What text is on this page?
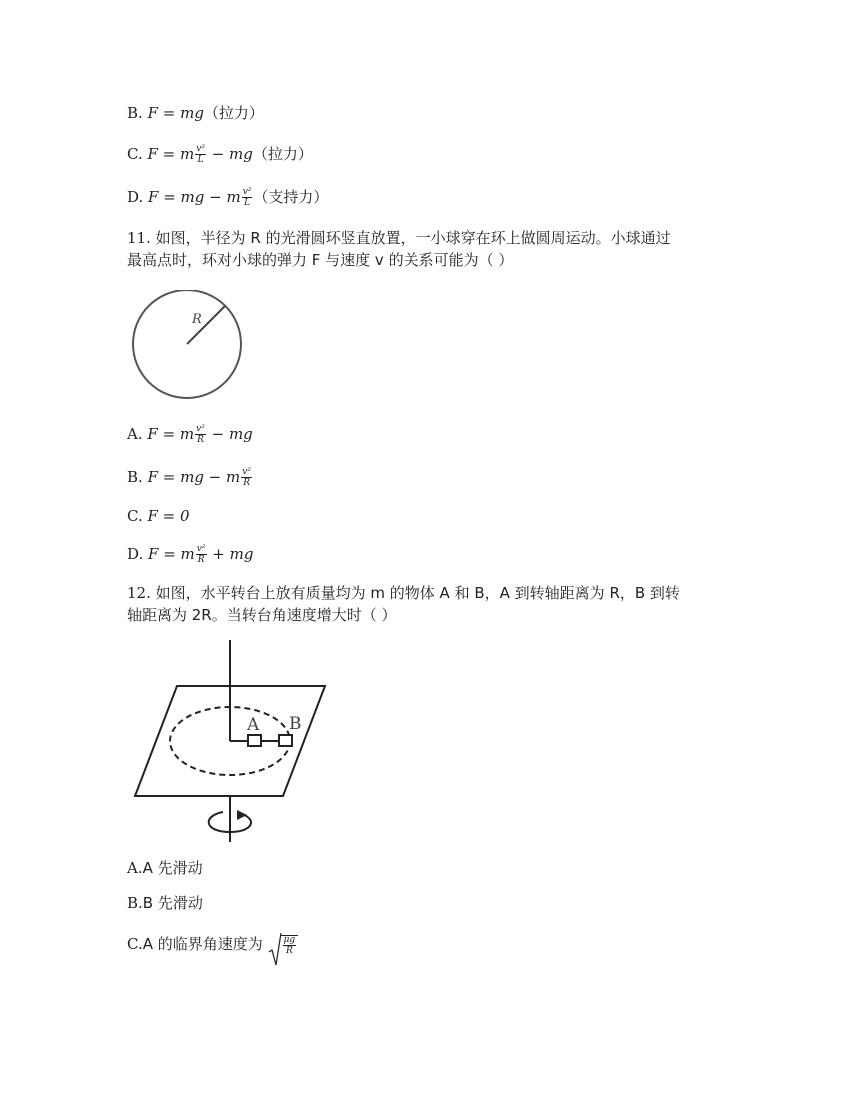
B. F = mg（拉力）
C. F = m $\frac{\text{v²}}{L} - mg$（拉力）
D. F = mg − m $\frac{\text{v²}}{L}$ （支持力）
11. 如图，半径为 R 的光滑圆环竖直放置，一小球穿在环上做圆周运动。小球通过
最高点时，环对小球的弹力 F 与速度 v 的关系可能为（ ）
R
A. F = m $\frac{\text{v²}}{R}$ − mg
B. F = mg − m $\frac{\text{v²}}{R}$
C. F = 0
D. F = m $\frac{\text{v²}}{R}$ + mg
12. 如图，水平转台上放有质量均为 m 的物体 A 和 B，A 到转轴距离为 R，B 到转
轴距离为 2R。当转台角速度增大时（ ）
A B
A.A 先滑动
B.B 先滑动
C.A 的临界角速度为 $\frac{\mu g}{R}$
